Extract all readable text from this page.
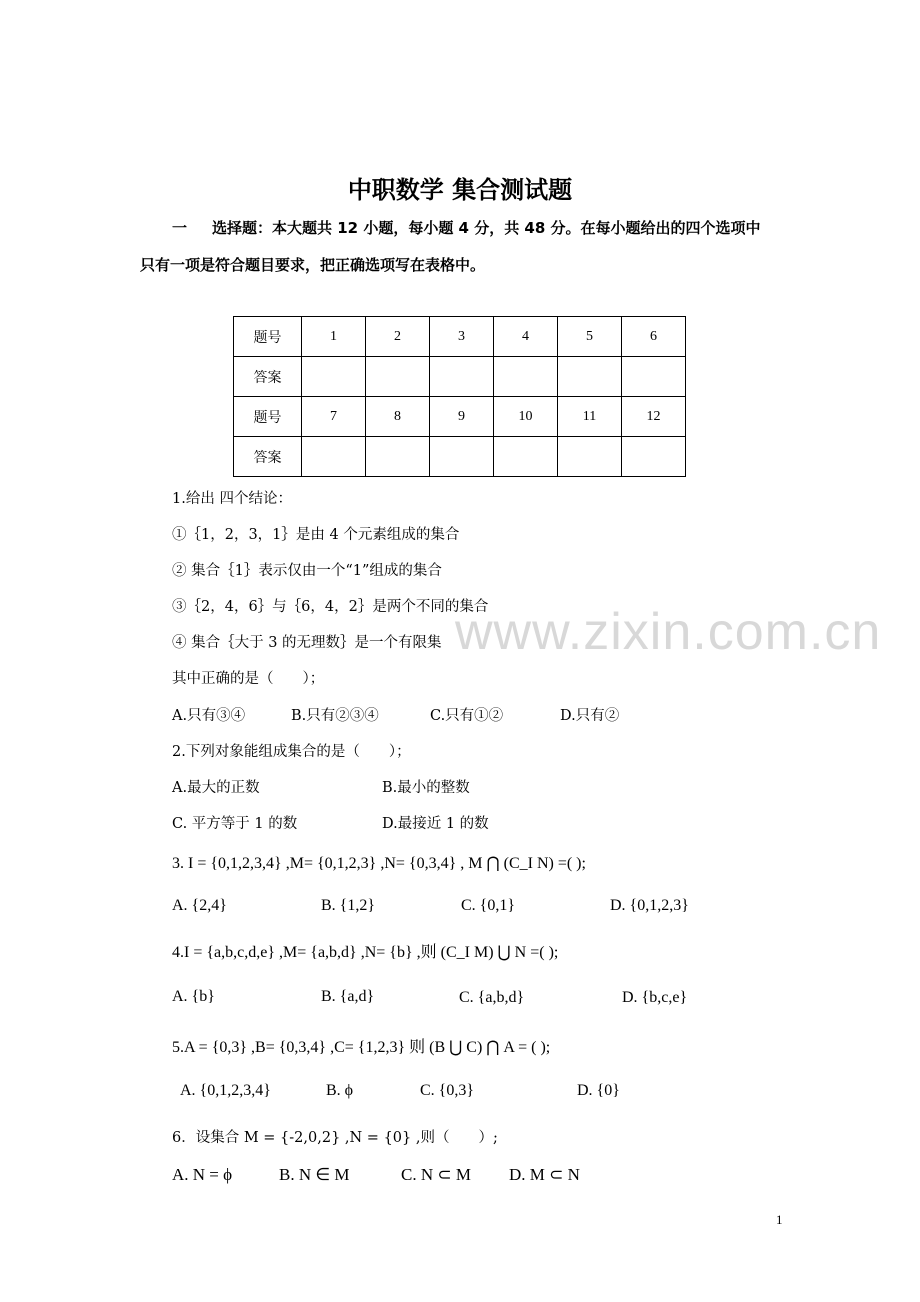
中职数学 集合测试题
一 选择题：本大题共 12 小题，每小题 4 分，共 48 分。在每小题给出的四个选项中
只有一项是符合题目要求，把正确选项写在表格中。
题号	1	2	3	4	5	6
答案						
题号	7	8	9	10	11	12
答案						
1.给出 四个结论：
①｛1，2，3，1｝是由 4 个元素组成的集合
② 集合｛1｝表示仅由一个“1”组成的集合
③｛2，4，6｝与｛6，4，2｝是两个不同的集合
④ 集合｛大于 3 的无理数｝是一个有限集
其中正确的是（　　）；
A.只有③④	B.只有②③④	C.只有①②	D.只有②
2.下列对象能组成集合的是（　　）；
A.最大的正数	B.最小的整数
C. 平方等于 1 的数	D.最接近 1 的数
3. I = {0,1,2,3,4} ,M= {0,1,2,3} ,N= {0,3,4} , M ⋂ (C_I N) =( );
A. {2,4}	B. {1,2}	C. {0,1}	D. {0,1,2,3}
4.I = {a,b,c,d,e} ,M= {a,b,d} ,N= {b} ,则 (C_I M) ⋃ N =( );
A. {b}	B. {a,d}	C. {a,b,d}	D. {b,c,e}
5.A = {0,3} ,B= {0,3,4} ,C= {1,2,3} 则 (B ⋃ C) ⋂ A = ( );
A. {0,1,2,3,4}	B. ϕ	C. {0,3}	D. {0}
6．设集合 M = {-2,0,2} ,N = {0} ,则（　　）;
A. N = ϕ	B. N ∈ M	C. N ⊂ M D. M ⊂ N
www.zixin.com.cn
1
